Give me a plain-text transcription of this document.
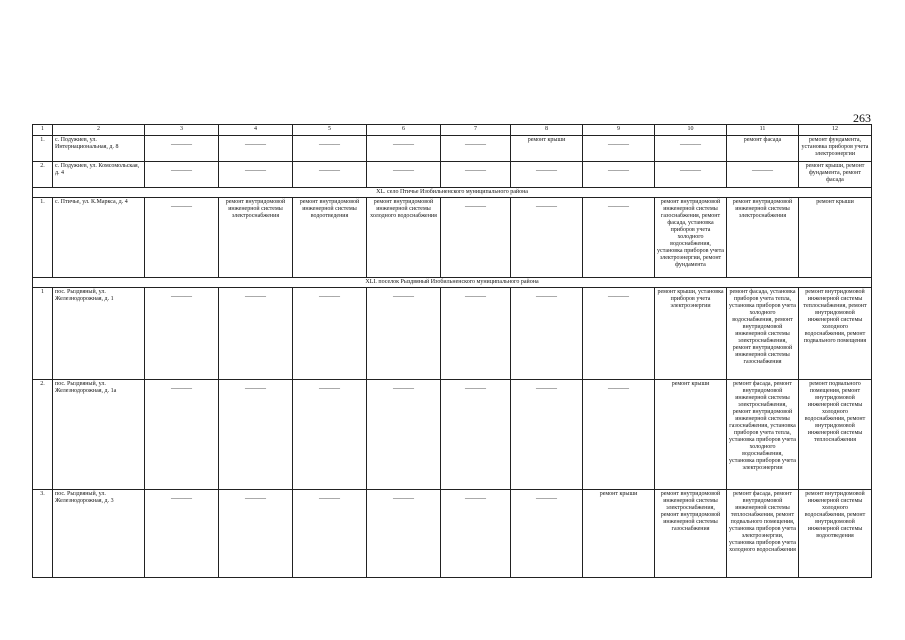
263
1	2	3	4	5	6	7	8	9	10	11	12
1.	с. Подужиев, ул. Интернациональная, д. 8	———	———	———	———	———	ремонт крыши	———	———	ремонт фасада	ремонт фундамента, установка приборов учета электроэнергии
2.	с. Подужиев, ул. Комсомольская, д. 4	———	———	———	———	———	———	———	———	———	ремонт крыши, ремонт фундамента, ремонт фасада
XL. село Птичье Изобильненского муниципального района											
1.	с. Птичье, ул. К.Маркса, д. 4	———	ремонт внутридомовой инженерной системы электроснабжения	ремонт внутридомовой инженерной системы водоотведения	ремонт внутридомовой инженерной системы холодного водоснабжения	———	———	———	ремонт внутридомовой инженерной системы газоснабжения, ремонт фасада, установка приборов учета холодного водоснабжения, установка приборов учета электроэнергии, ремонт фундамента	ремонт внутридомовой инженерной системы электроснабжения	ремонт крыши
XLI. поселок Рыздвяный Изобильненского муниципального района											
1	пос. Рыздвяный, ул. Железнодорожная, д. 1	———	———	———	———	———	———	———	ремонт крыши, установка приборов учета электроэнергии	ремонт фасада, установка приборов учета тепла, установка приборов учета холодного водоснабжения, ремонт внутридомовой инженерной системы электроснабжения, ремонт внутридомовой инженерной системы газоснабжения	ремонт внутридомовой инженерной системы теплоснабжения, ремонт внутридомовой инженерной системы холодного водоснабжения, ремонт подвального помещения
2.	пос. Рыздвяный, ул. Железнодорожная, д. 1а	———	———	———	———	———	———	———	ремонт крыши	ремонт фасада, ремонт внутридомовой инженерной системы электроснабжения, ремонт внутридомовой инженерной системы газоснабжения, установка приборов учета тепла, установка приборов учета холодного водоснабжения, установка приборов учета электроэнергии	ремонт подвального помещения, ремонт внутридомовой инженерной системы холодного водоснабжения, ремонт внутридомовой инженерной системы теплоснабжения
3.	пос. Рыздвяный, ул. Железнодорожная, д. 3	———	———	———	———	———	———	ремонт крыши	ремонт внутридомовой инженерной системы электроснабжения, ремонт внутридомовой инженерной системы газоснабжения	ремонт фасада, ремонт внутридомовой инженерной системы теплоснабжения, ремонт подвального помещения, установка приборов учета электроэнергии, установка приборов учета холодного водоснабжения	ремонт внутридомовой инженерной системы холодного водоснабжения, ремонт внутридомовой инженерной системы водоотведения
